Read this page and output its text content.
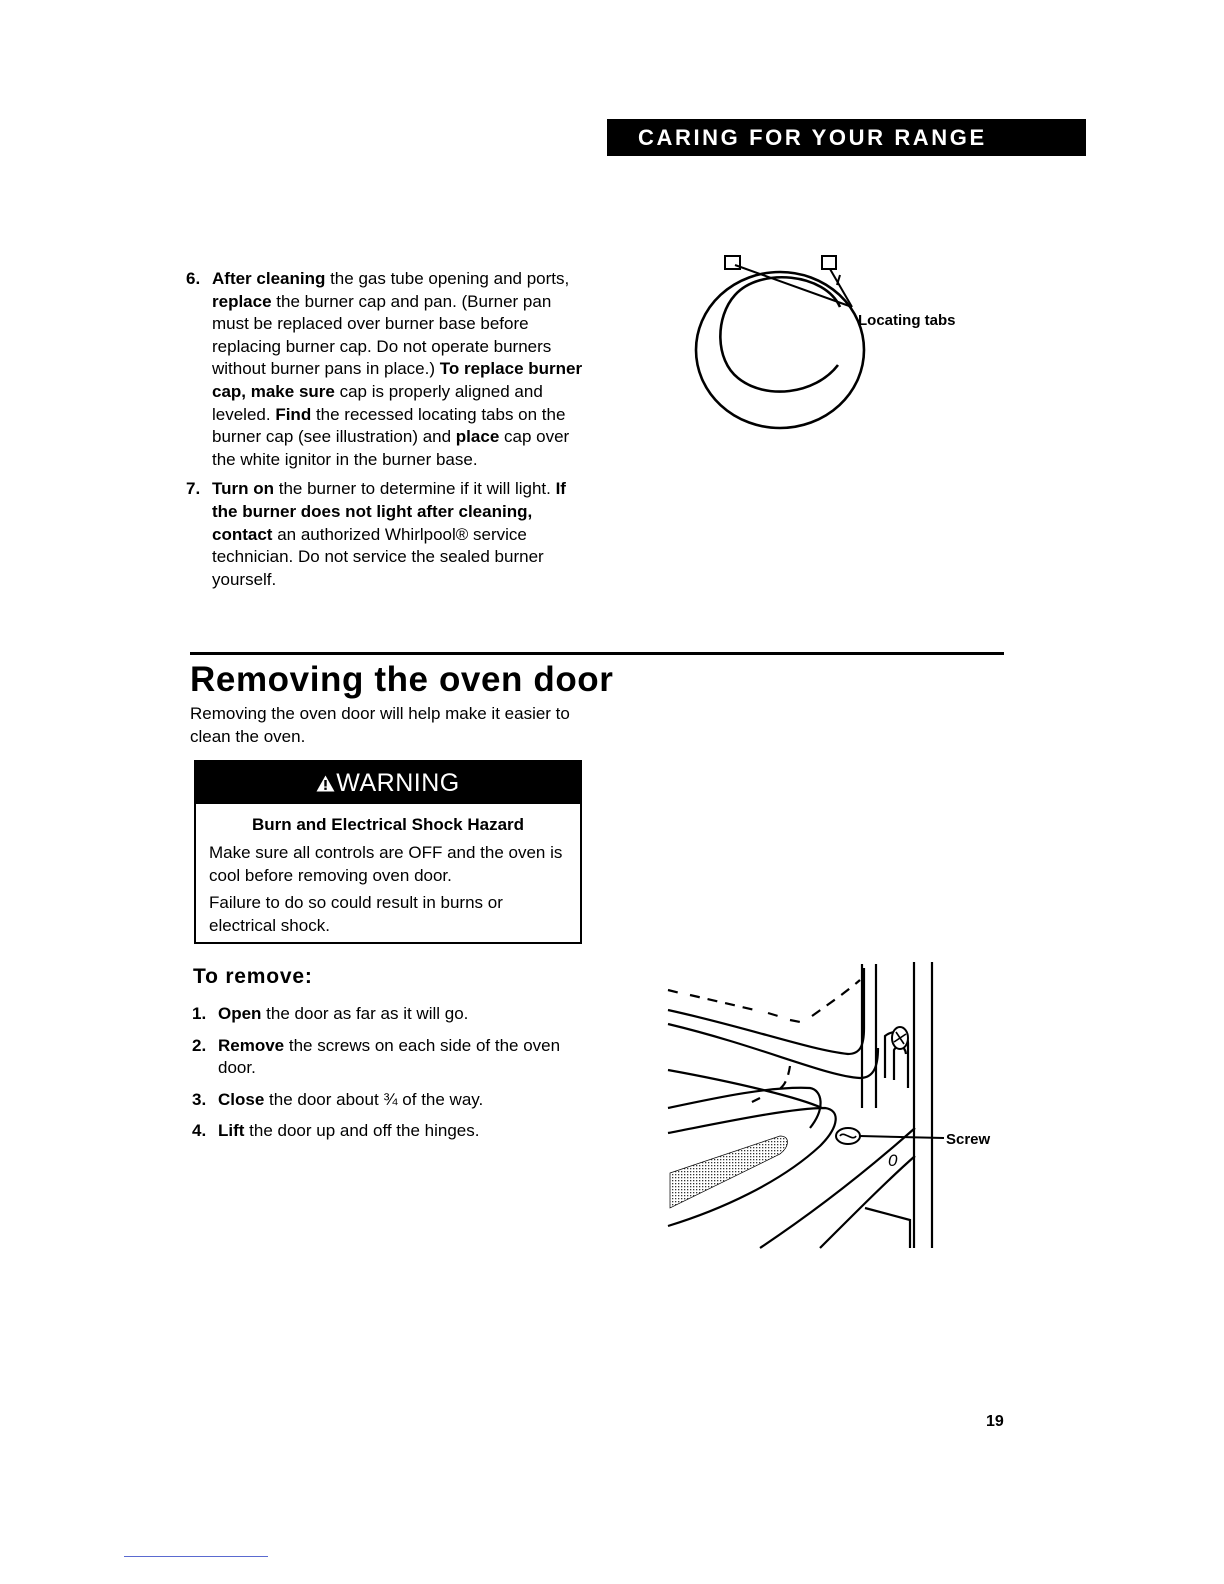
CARING FOR YOUR RANGE
6. After cleaning the gas tube opening and ports, replace the burner cap and pan. (Burner pan must be replaced over burner base before replacing burner cap. Do not operate burners without burner pans in place.) To replace burner cap, make sure cap is properly aligned and leveled. Find the recessed locating tabs on the burner cap (see illustration) and place cap over the white ignitor in the burner base.
7. Turn on the burner to determine if it will light. If the burner does not light after cleaning, contact an authorized Whirlpool® service technician. Do not service the sealed burner yourself.
Locating tabs
Removing the oven door
Removing the oven door will help make it easier to clean the oven.
WARNING
Burn and Electrical Shock Hazard

Make sure all controls are OFF and the oven is cool before removing oven door.

Failure to do so could result in burns or electrical shock.

To remove:
1. Open the door as far as it will go.
2. Remove the screws on each side of the oven door.
3. Close the door about ¾ of the way.
4. Lift the door up and off the hinges.
0
Screw
19
